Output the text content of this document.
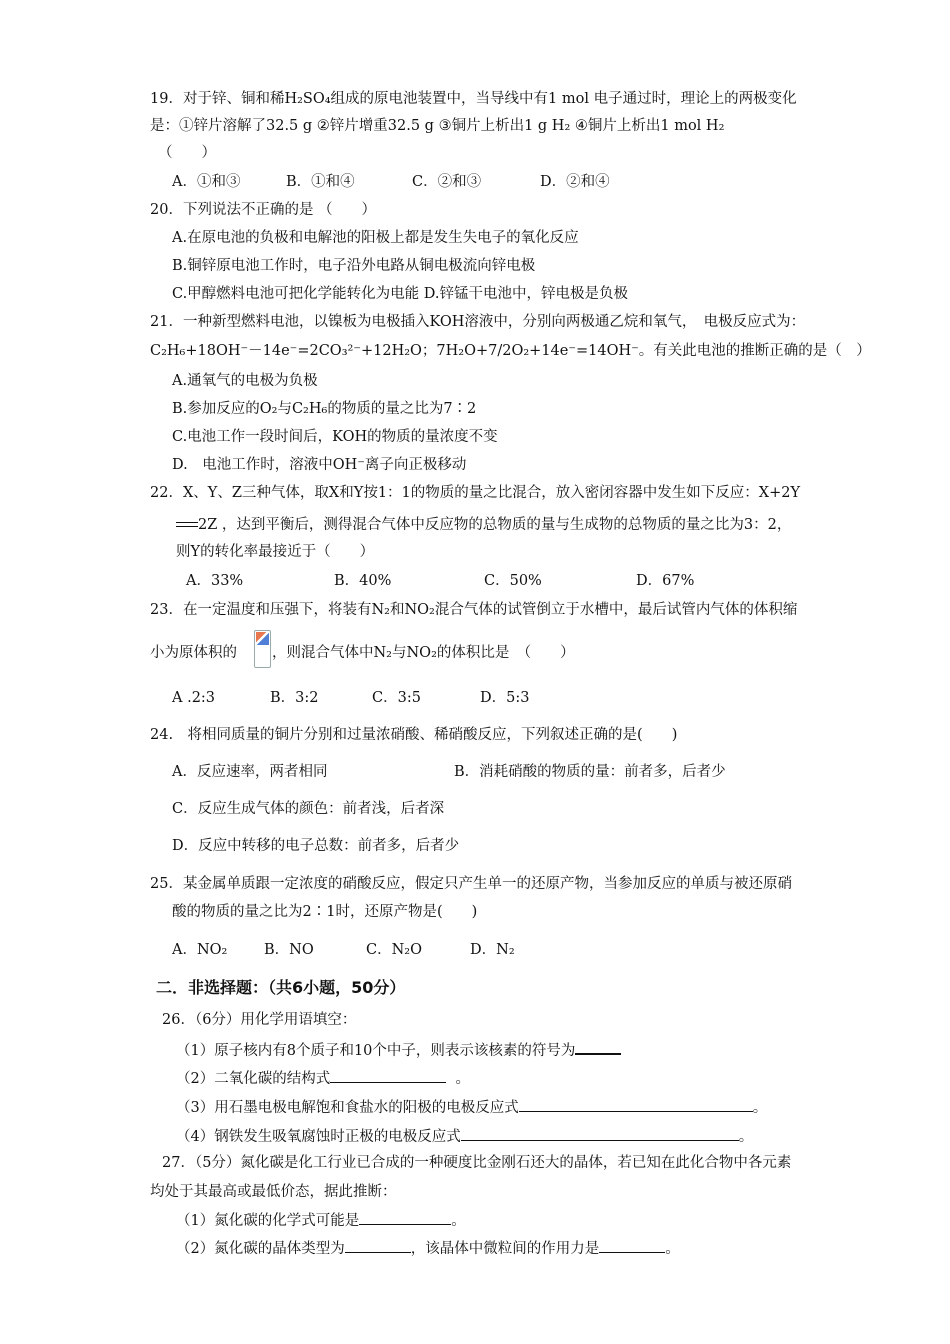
19．对于锌、铜和稀H₂SO₄组成的原电池装置中，当导线中有1 mol 电子通过时，理论上的两极变化
是：①锌片溶解了32.5 g ②锌片增重32.5 g ③铜片上析出1 g H₂ ④铜片上析出1 mol H₂
（　　）
A．①和③	B．①和④	C．②和③	D．②和④
20．下列说法不正确的是 （　　）
A.在原电池的负极和电解池的阳极上都是发生失电子的氧化反应
B.铜锌原电池工作时，电子沿外电路从铜电极流向锌电极
C.甲醇燃料电池可把化学能转化为电能 D.锌锰干电池中，锌电极是负极
21．一种新型燃料电池，以镍板为电极插入KOH溶液中，分别向两极通乙烷和氧气，　电极反应式为：
C₂H₆+18OH⁻－14e⁻=2CO₃²⁻+12H₂O；7H₂O+7/2O₂+14e⁻=14OH⁻。有关此电池的推断正确的是（　）
A.通氧气的电极为负极
B.参加反应的O₂与C₂H₆的物质的量之比为7∶2
C.电池工作一段时间后，KOH的物质的量浓度不变
D.　电池工作时，溶液中OH⁻离子向正极移动
22．X、Y、Z三种气体，取X和Y按1：1的物质的量之比混合，放入密闭容器中发生如下反应：X+2Y
2Z ，达到平衡后，测得混合气体中反应物的总物质的量与生成物的总物质的量之比为3：2，
则Y的转化率最接近于（　　）
A．33%	B．40%	C．50%	D．67%
23．在一定温度和压强下，将装有N₂和NO₂混合气体的试管倒立于水槽中，最后试管内气体的体积缩
小为原体积的 ，则混合气体中N₂与NO₂的体积比是　（　　）
A .2:3	B．3:2	C．3:5	D．5:3
24.　将相同质量的铜片分别和过量浓硝酸、稀硝酸反应，下列叙述正确的是(　　)
A．反应速率，两者相同	B．消耗硝酸的物质的量：前者多，后者少
C．反应生成气体的颜色：前者浅，后者深
D．反应中转移的电子总数：前者多，后者少
25．某金属单质跟一定浓度的硝酸反应，假定只产生单一的还原产物，当参加反应的单质与被还原硝
酸的物质的量之比为2∶1时，还原产物是(　　)
A．NO₂	B．NO	C．N₂O	D．N₂
二．非选择题：（共6小题，50分）
26．（6分）用化学用语填空：
（1）原子核内有8个质子和10个中子，则表示该核素的符号为
（2）二氧化碳的结构式	。
（3）用石墨电极电解饱和食盐水的阳极的电极反应式	。
（4）钢铁发生吸氧腐蚀时正极的电极反应式	。
27．（5分）氮化碳是化工行业已合成的一种硬度比金刚石还大的晶体，若已知在此化合物中各元素
均处于其最高或最低价态，据此推断：
（1）氮化碳的化学式可能是	。
（2）氮化碳的晶体类型为	，该晶体中微粒间的作用力是	。
